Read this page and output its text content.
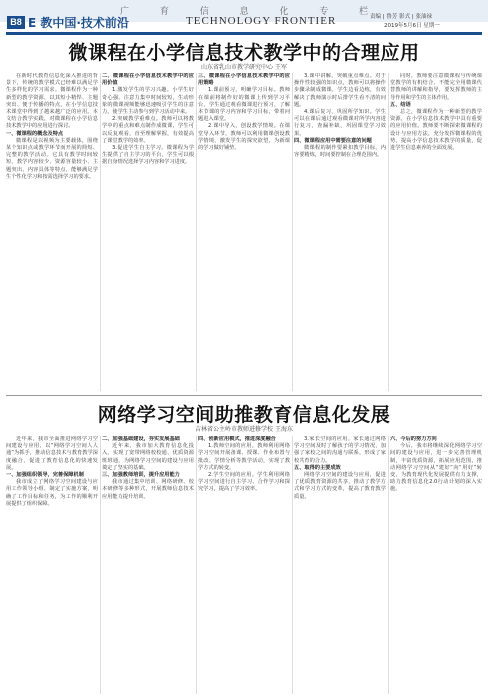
广 育 信 息 化 专 栏
B8 E 教中国·技术前沿	TECHNOLOGY FRONTIER	责编 | 鲁芳 影式 | 张油禄
2019年5月6日 星期一
微课程在小学信息技术教学中的合理应用
山东省乳山市教学研究中心 王军

在新时代教育信息化深入推进的背景下，传统的教学模式已经难以满足学生多样化的学习需求。微课程作为一种新型的教学资源，以其短小精悍、主题突出、便于传播的特点，在小学信息技术课堂中得到了越来越广泛的应用。本文结合教学实践，对微课程在小学信息技术教学中的应用进行探讨。

一、微课程的概念及特点

微课程是以视频为主要载体，围绕某个知识点或教学环节而开展的简短、完整的教学活动。它具有教学时间较短、教学内容较少、资源容量较小、主题突出、内容具体等特点，能够满足学生个性化学习和按需选择学习的要求。

二、微课程在小学信息技术教学中的应用价值

1.激发学生的学习兴趣。小学生好奇心强，注意力集中时间较短，生动形象的微课视频能够迅速吸引学生的注意力，使学生主动参与到学习活动中来。

2.突破教学重难点。教师可以将教学中的重点和难点制作成微课，学生可以反复观看，直至理解掌握，有效提高了课堂教学的效率。

3.促进学生自主学习。微课程为学生提供了自主学习的平台，学生可以根据自身情况选择学习内容和学习进度。

三、微课程在小学信息技术教学中的应用策略

1.课前预习，明确学习目标。教师在课前将制作好的微课上传到学习平台，学生通过观看微课进行预习，了解本节课的学习内容和学习目标，带着问题进入课堂。

2.课中导入，创设教学情境。在课堂导入环节，教师可以利用微课创设教学情境，激发学生的探究欲望，为新课的学习做好铺垫。

3.课中讲解，突破重点难点。对于操作性较强的知识点，教师可以将操作步骤录制成微课，学生边看边练，有效解决了教师演示时后排学生看不清的问题。

4.课后复习，巩固所学知识。学生可以在课后通过观看微课对所学内容进行复习，查漏补缺，巩固课堂学习效果。

四、微课程应用中需要注意的问题

微课程的制作要紧扣教学目标，内容要精炼，时间要控制在合理范围内。

同时，教师要注意微课程与传统课堂教学的有机结合，不能完全用微课代替教师的讲解和指导，要发挥教师的主导作用和学生的主体作用。

五、结语

总之，微课程作为一种新型的教学资源，在小学信息技术教学中具有重要的应用价值。教师要不断探索微课程的设计与应用方法，充分发挥微课程的优势，提高小学信息技术教学的质量，促进学生信息素养的全面发展。

网络学习空间助推教育信息化发展
吉林省公主岭市教师进修学校 王海东

近年来，我市全面推进网络学习空间建设与应用，以“网络学习空间人人通”为抓手，推动信息技术与教育教学深度融合，促进了教育信息化的快速发展。

一、加强组织领导，完善保障机制

我市成立了网络学习空间建设与应用工作领导小组，制定了实施方案，明确了工作目标和任务，为工作的顺利开展提供了组织保障。

二、加强基础建设，夯实发展基础

近年来，我市加大教育信息化投入，实现了宽带网络校校通、优质资源班班通，为网络学习空间的建设与应用奠定了坚实的基础。

三、加强教师培训，提升应用能力

我市通过集中培训、网络研修、校本研修等多种形式，开展教师信息技术应用能力提升培训。

四、创新应用模式，推进深度融合

1.教师空间的应用。教师利用网络学习空间开展备课、授课、作业布置与批改、学情分析等教学活动，实现了教学方式的转变。

2.学生空间的应用。学生利用网络学习空间进行自主学习、合作学习和探究学习，提高了学习效率。

3.家长空间的应用。家长通过网络学习空间及时了解孩子的学习情况，加强了家校之间的沟通与联系，形成了家校共育的合力。

五、取得的主要成效

网络学习空间的建设与应用，促进了优质教育资源的共享，推动了教学方式和学习方式的变革，提高了教育教学质量。

六、今后的努力方向

今后，我市将继续深化网络学习空间的建设与应用，进一步完善管理机制，丰富优质资源，拓展应用范围，推动网络学习空间从“建好”向“用好”转变，为教育现代化发展提供有力支撑，助力教育信息化2.0行动计划的深入实施。
